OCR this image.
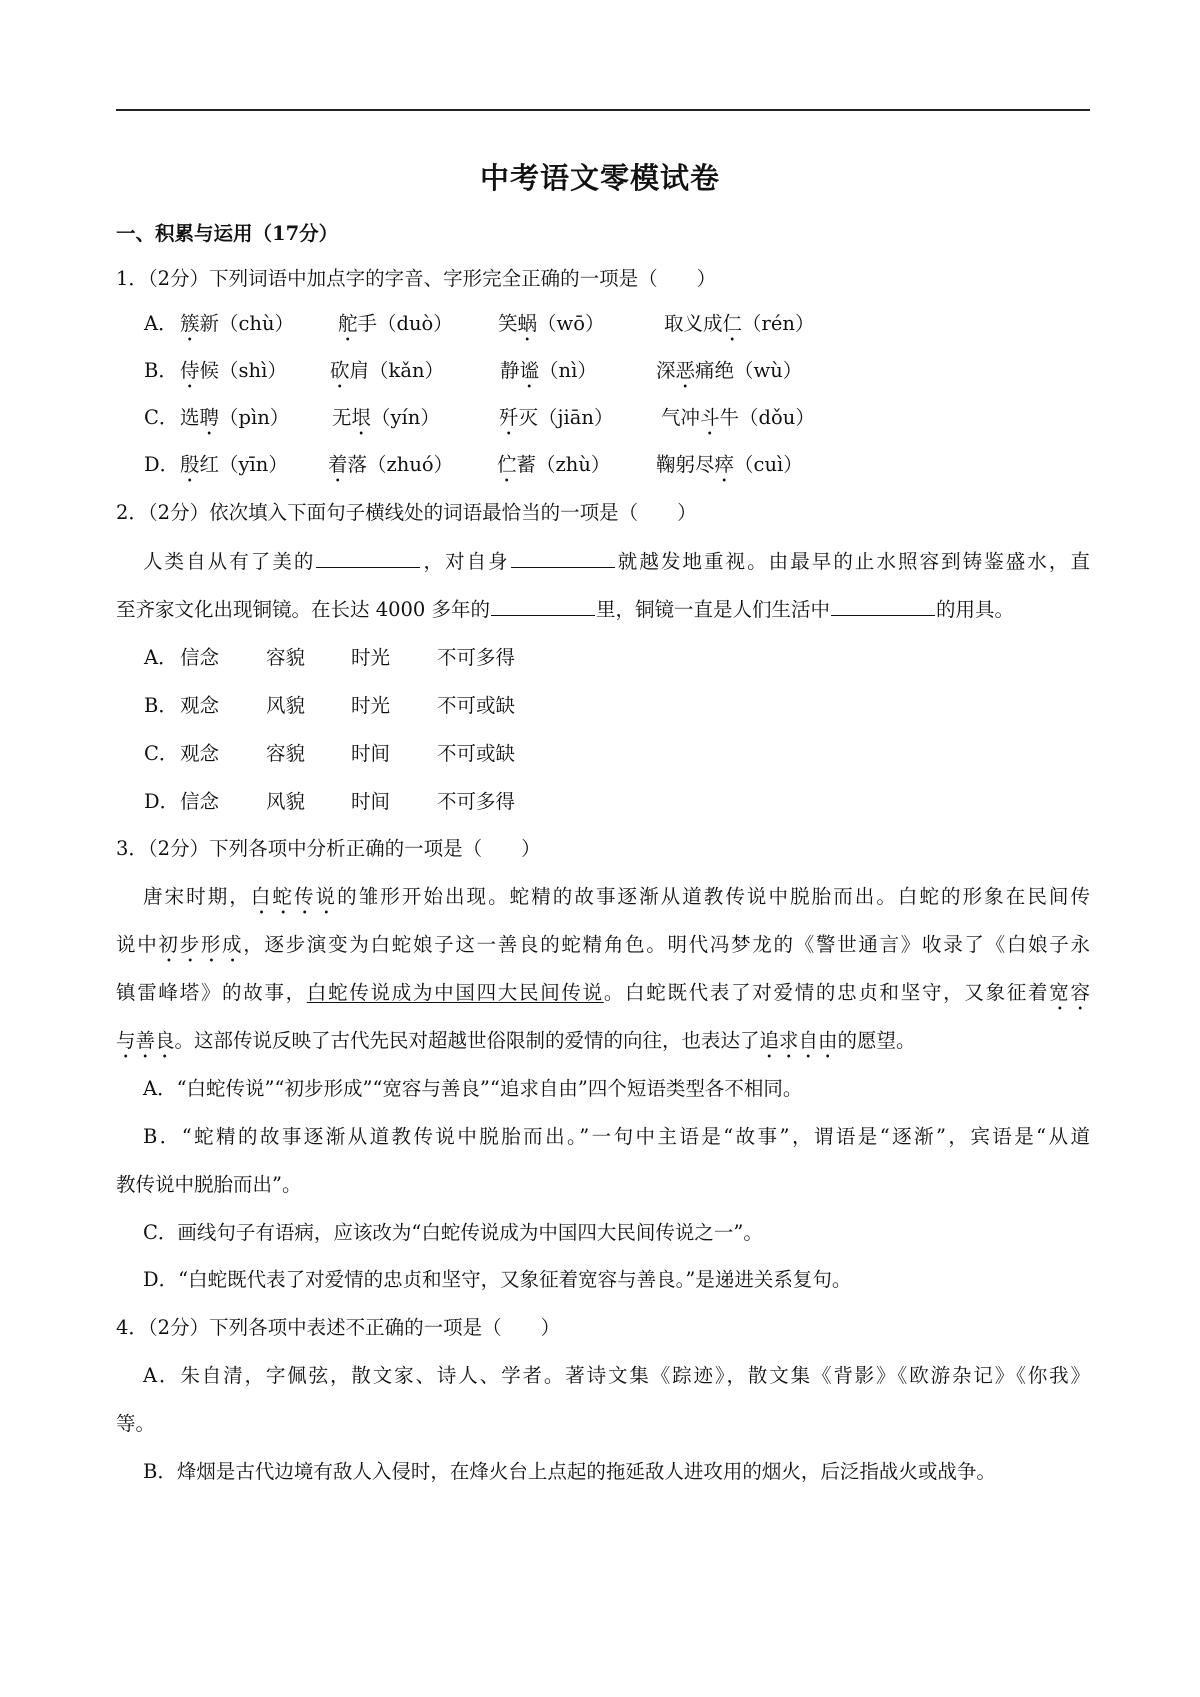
中考语文零模试卷
一、积累与运用（17分）
1．（2分）下列词语中加点字的字音、字形完全正确的一项是（　　）
A． 簇新（chù） 舵手（duò） 笑蜗（wō）	取义成仁（rén）
B． 侍候（shì） 砍肩（kǎn）	静谧（nì）	深恶痛绝（wù）
C． 选聘（pìn） 无垠（yín）	歼灭（jiān） 气冲斗牛（dǒu）
D． 殷红（yīn） 着落（zhuó） 伫蓄（zhù） 鞠躬尽瘁（cuì）
2．（2分）依次填入下面句子横线处的词语最恰当的一项是（　　）
人类自从有了美的	，对自身	就越发地重视。由最早的止水照容到铸鉴盛水，直
至齐家文化出现铜镜。在长达 4000 多年的	里，铜镜一直是人们生活中	的用具。
A． 信念 容貌 时光 不可多得
B． 观念 风貌 时光 不可或缺
C． 观念 容貌 时间 不可或缺
D． 信念 风貌 时间 不可多得
3．（2分）下列各项中分析正确的一项是（　　）
唐宋时期，白蛇传说的雏形开始出现。蛇精的故事逐渐从道教传说中脱胎而出。白蛇的形象在民间传
说中初步形成，逐步演变为白蛇娘子这一善良的蛇精角色。明代冯梦龙的《警世通言》收录了《白娘子永
镇雷峰塔》的故事，白蛇传说成为中国四大民间传说。白蛇既代表了对爱情的忠贞和坚守，又象征着宽容
与善良。这部传说反映了古代先民对超越世俗限制的爱情的向往，也表达了追求自由的愿望。
A．“白蛇传说”“初步形成”“宽容与善良”“追求自由”四个短语类型各不相同。
B．“蛇精的故事逐渐从道教传说中脱胎而出。”一句中主语是“故事”，谓语是“逐渐”，宾语是“从道
教传说中脱胎而出”。
C．画线句子有语病，应该改为“白蛇传说成为中国四大民间传说之一”。
D．“白蛇既代表了对爱情的忠贞和坚守，又象征着宽容与善良。”是递进关系复句。
4．（2分）下列各项中表述不正确的一项是（　　）
A．朱自清，字佩弦，散文家、诗人、学者。著诗文集《踪迹》，散文集《背影》《欧游杂记》《你我》
等。
B．烽烟是古代边境有敌人入侵时，在烽火台上点起的拖延敌人进攻用的烟火，后泛指战火或战争。
